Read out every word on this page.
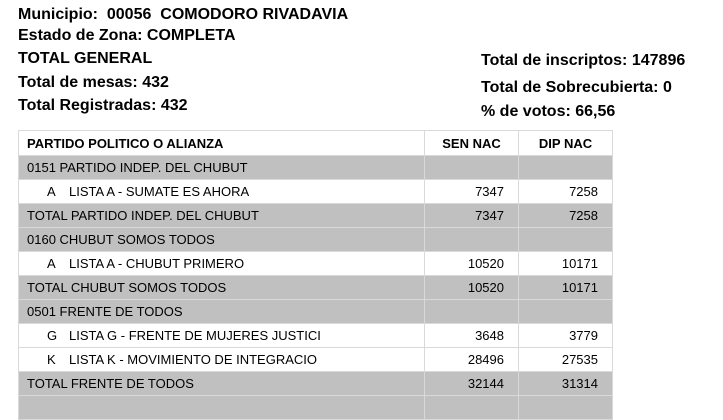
Municipio: 00056 COMODORO RIVADAVIA
Estado de Zona: COMPLETA
TOTAL GENERAL
Total de mesas: 432
Total Registradas: 432
Total de inscriptos: 147896
Total de Sobrecubierta: 0
% de votos: 66,56
PARTIDO POLITICO O ALIANZA	SEN NAC	DIP NAC
0151 PARTIDO INDEP. DEL CHUBUT		
A LISTA A - SUMATE ES AHORA	7347	7258
TOTAL PARTIDO INDEP. DEL CHUBUT	7347	7258
0160 CHUBUT SOMOS TODOS		
A LISTA A - CHUBUT PRIMERO	10520	10171
TOTAL CHUBUT SOMOS TODOS	10520	10171
0501 FRENTE DE TODOS		
G LISTA G - FRENTE DE MUJERES JUSTICI	3648	3779
K LISTA K - MOVIMIENTO DE INTEGRACIO	28496	27535
TOTAL FRENTE DE TODOS	32144	31314
